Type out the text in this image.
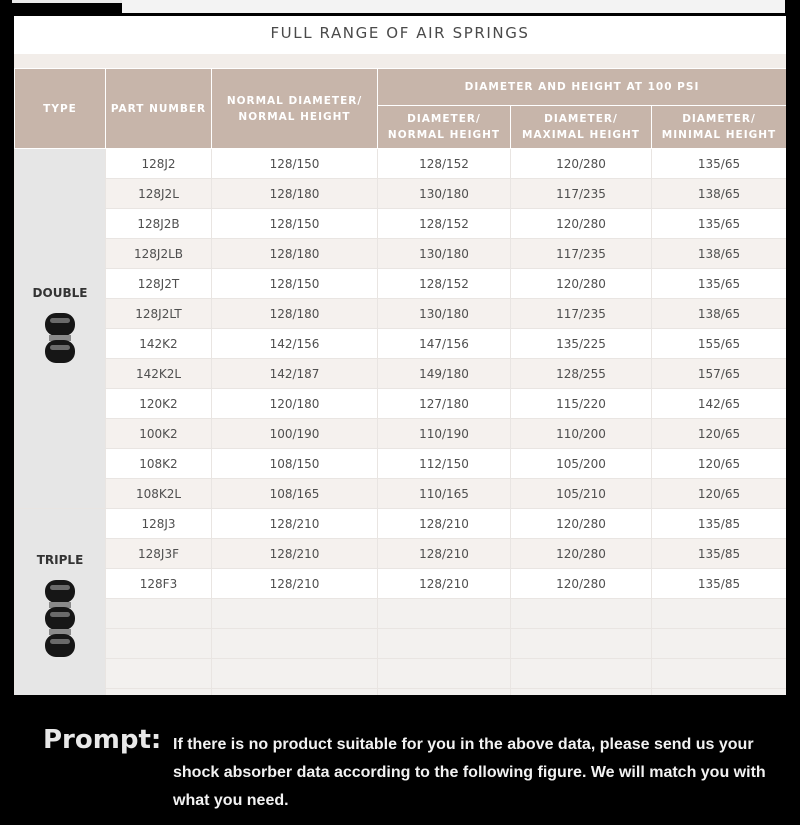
FULL RANGE OF AIR SPRINGS
TYPE	PART NUMBER	NORMAL DIAMETER/ NORMAL HEIGHT	DIAMETER AND HEIGHT AT 100 PSI		
			DIAMETER/ NORMAL HEIGHT	DIAMETER/ MAXIMAL HEIGHT	DIAMETER/ MINIMAL HEIGHT

DOUBLE	128J2	128/150	128/152	120/280	135/65
	128J2L	128/180	130/180	117/235	138/65
	128J2B	128/150	128/152	120/280	135/65
	128J2LB	128/180	130/180	117/235	138/65
	128J2T	128/150	128/152	120/280	135/65
	128J2LT	128/180	130/180	117/235	138/65
	142K2	142/156	147/156	135/225	155/65
	142K2L	142/187	149/180	128/255	157/65
	120K2	120/180	127/180	115/220	142/65
	100K2	100/190	110/190	110/200	120/65
	108K2	108/150	112/150	105/200	120/65
	108K2L	108/165	110/165	105/210	120/65

TRIPLE	128J3	128/210	128/210	120/280	135/85
	128J3F	128/210	128/210	120/280	135/85
	128F3	128/210	128/210	120/280	135/85

Prompt: If there is no product suitable for you in the above data, please send us your shock absorber data according to the following figure. We will match you with what you need.
